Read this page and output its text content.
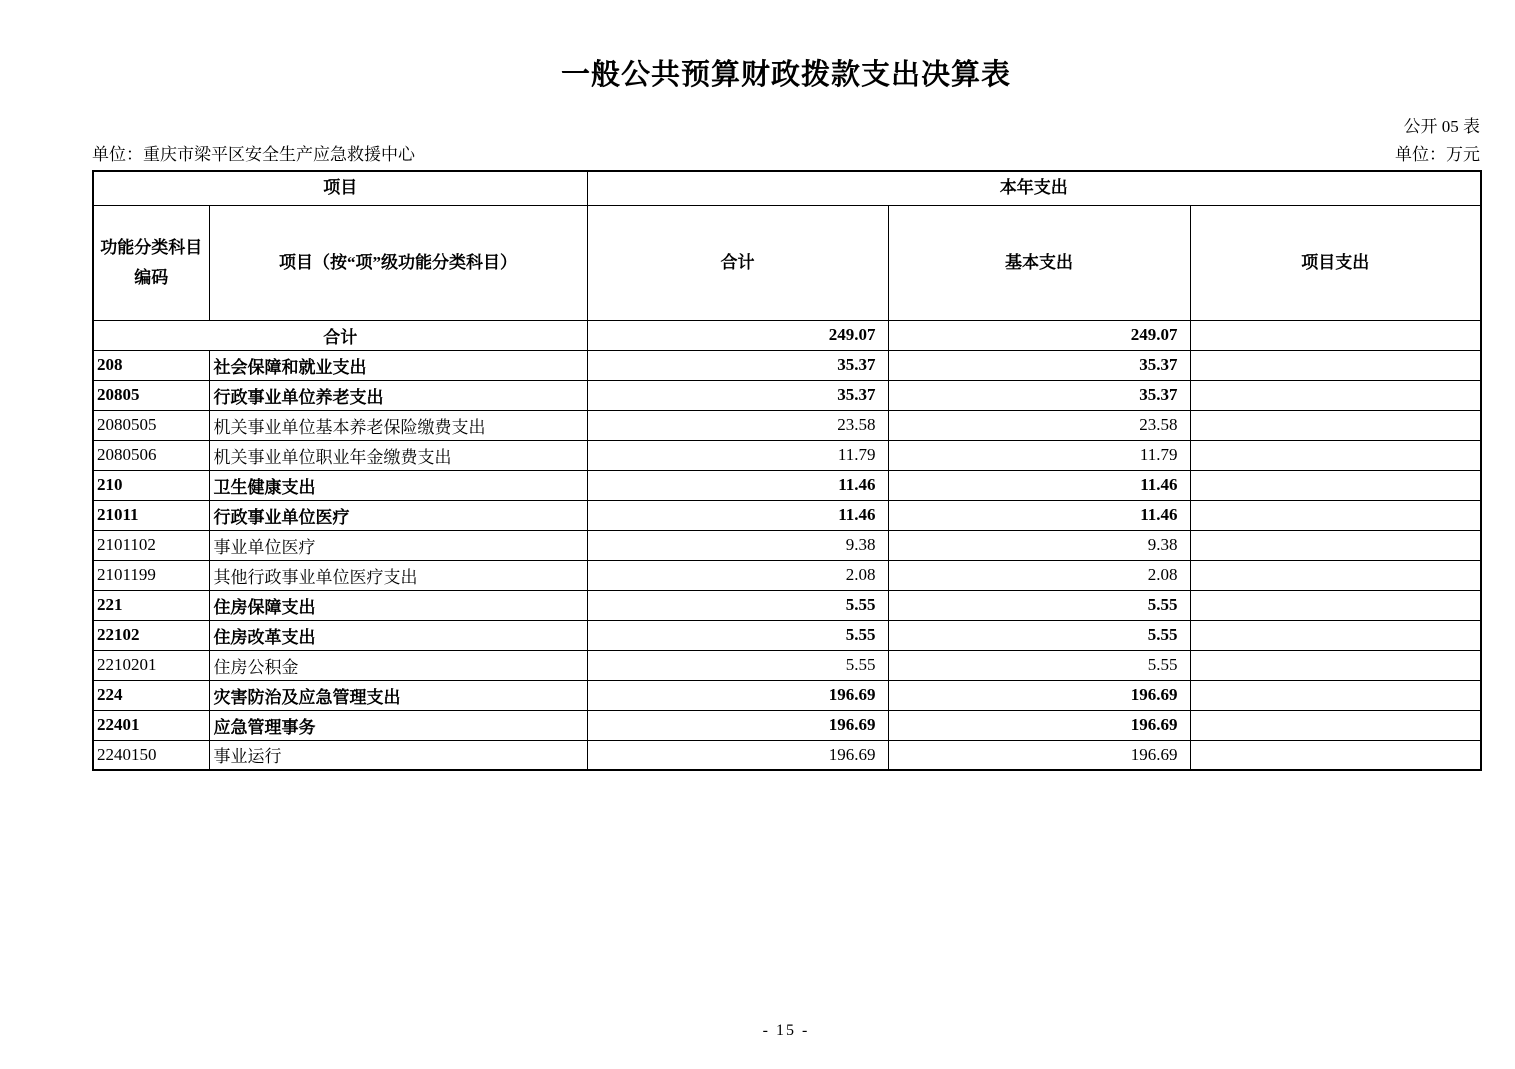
一般公共预算财政拨款支出决算表
公开 05 表
单位：重庆市梁平区安全生产应急救援中心	单位：万元
项目		本年支出		
功能分类科目编码	项目（按“项”级功能分类科目）	合计	基本支出	项目支出
合计		249.07	249.07	
208	社会保障和就业支出	35.37	35.37	
20805	行政事业单位养老支出	35.37	35.37	
2080505	机关事业单位基本养老保险缴费支出	23.58	23.58	
2080506	机关事业单位职业年金缴费支出	11.79	11.79	
210	卫生健康支出	11.46	11.46	
21011	行政事业单位医疗	11.46	11.46	
2101102	事业单位医疗	9.38	9.38	
2101199	其他行政事业单位医疗支出	2.08	2.08	
221	住房保障支出	5.55	5.55	
22102	住房改革支出	5.55	5.55	
2210201	住房公积金	5.55	5.55	
224	灾害防治及应急管理支出	196.69	196.69	
22401	应急管理事务	196.69	196.69	
2240150	事业运行	196.69	196.69	
- 15 -
